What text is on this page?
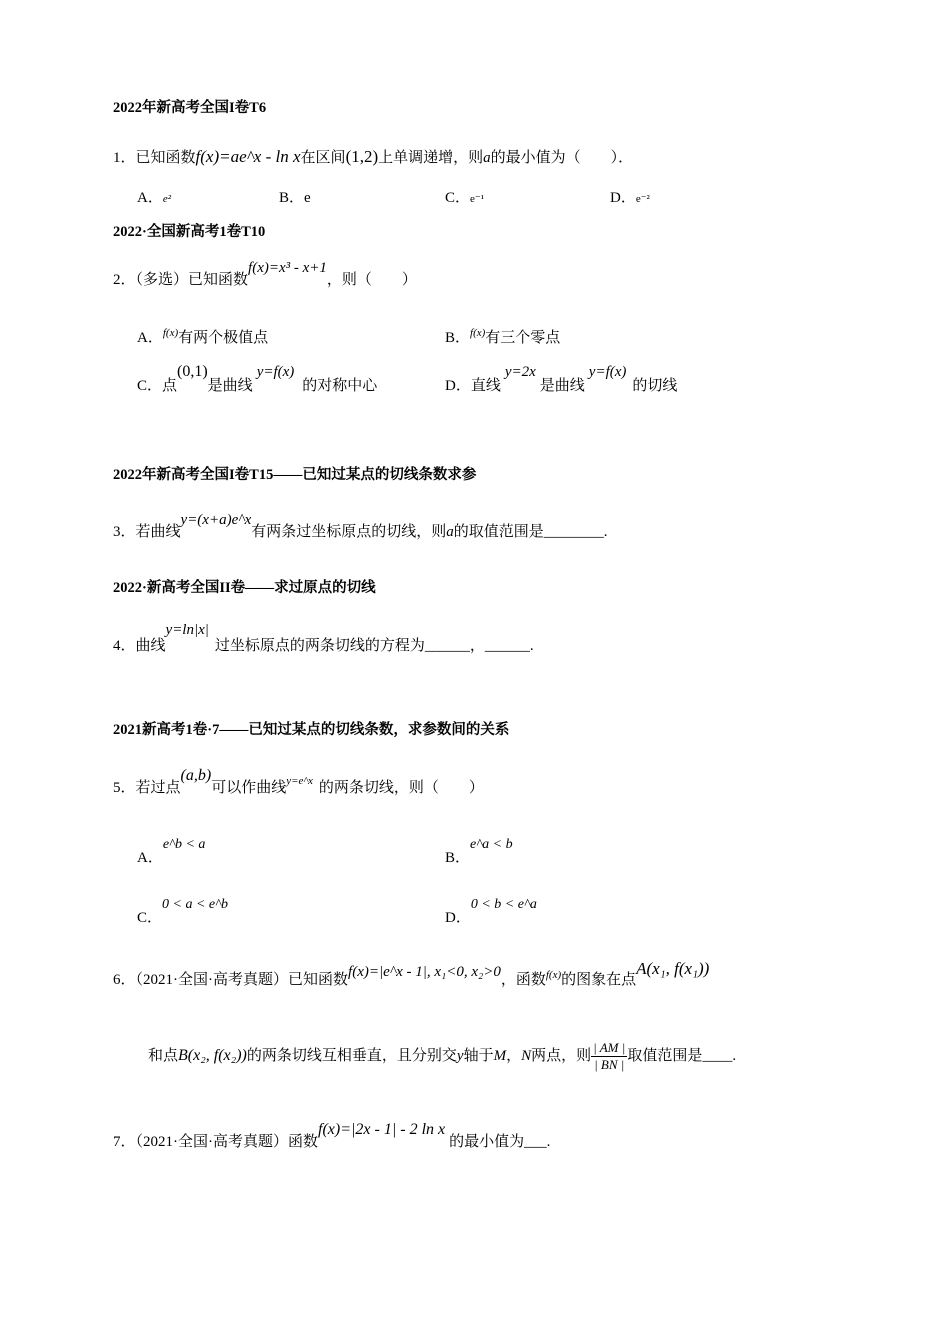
2022年新高考全国I卷T6
1．已知函数f(x)=ae^x - ln x在区间(1,2)上单调递增，则a的最小值为（　　）．
A．e²	B．e	C．e⁻¹	D．e⁻²
2022·全国新高考1卷T10
2．（多选）已知函数f(x)=x³ - x+1，则（　　）
A．$^{f(x)}$有两个极值点	B．$^{f(x)}$有三个零点
C．点(0,1)是曲线y=f(x)的对称中心	D．直线y=2x是曲线y=f(x)的切线
2022年新高考全国I卷T15——已知过某点的切线条数求参
3．若曲线y=(x+a)e^x有两条过坐标原点的切线，则a的取值范围是________.
2022·新高考全国II卷——求过原点的切线
4．曲线y=ln|x|过坐标原点的两条切线的方程为______，______.
2021新高考1卷·7——已知过某点的切线条数，求参数间的关系
5．若过点(a,b)可以作曲线$^{y=e\^{}x}$ 的两条切线，则（　　）
A．e^b < a
B．e^a < b
C．0 < a < e^b
D．0 < b < e^a
6．（2021·全国·高考真题）已知函数f(x)=|e^x - 1|, x₁<0, x₂>0，函数$^{f(x)}$的图象在点A(x₁, f(x₁))
和点B(x₂, f(x₂))的两条切线互相垂直，且分别交y轴于M，N两点，则 $\frac{| AM |}{| BN |}$ 取值范围是____.
7．（2021·全国·高考真题）函数f(x)=|2x - 1| - 2 ln x的最小值为___.
